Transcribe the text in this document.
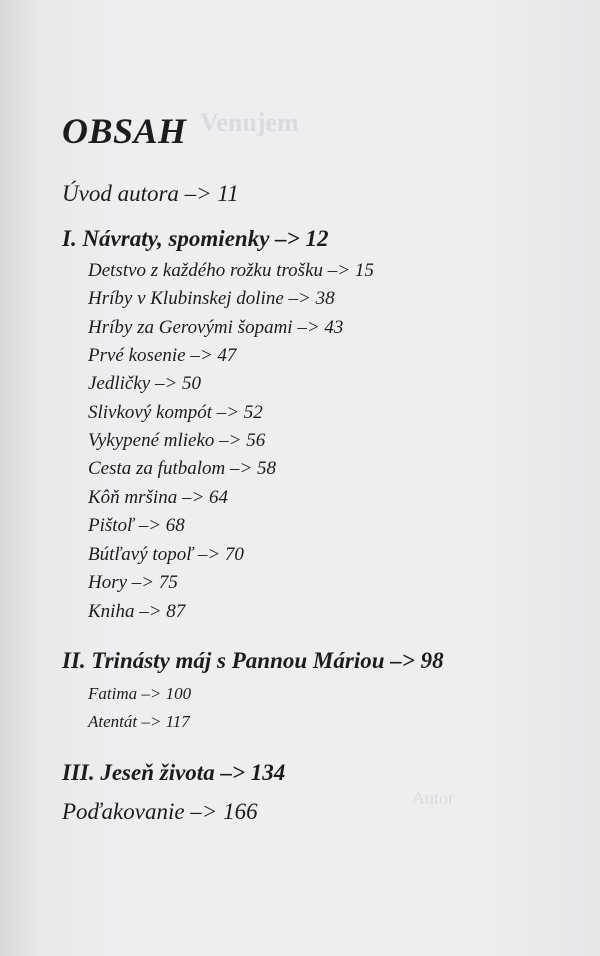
Venujem
Autor
OBSAH
Úvod autora –> 11
I. Návraty, spomienky –> 12
Detstvo z každého rožku trošku –> 15
Hríby v Klubinskej doline –> 38
Hríby za Gerovými šopami –> 43
Prvé kosenie –> 47
Jedličky –> 50
Slivkový kompót –> 52
Vykypené mlieko –> 56
Cesta za futbalom –> 58
Kôň mršina –> 64
Pištoľ –> 68
Bútľavý topoľ –> 70
Hory –> 75
Kniha –> 87
II. Trinásty máj s Pannou Máriou –> 98
Fatima –> 100
Atentát –> 117
III. Jeseň života –> 134
Poďakovanie –> 166
